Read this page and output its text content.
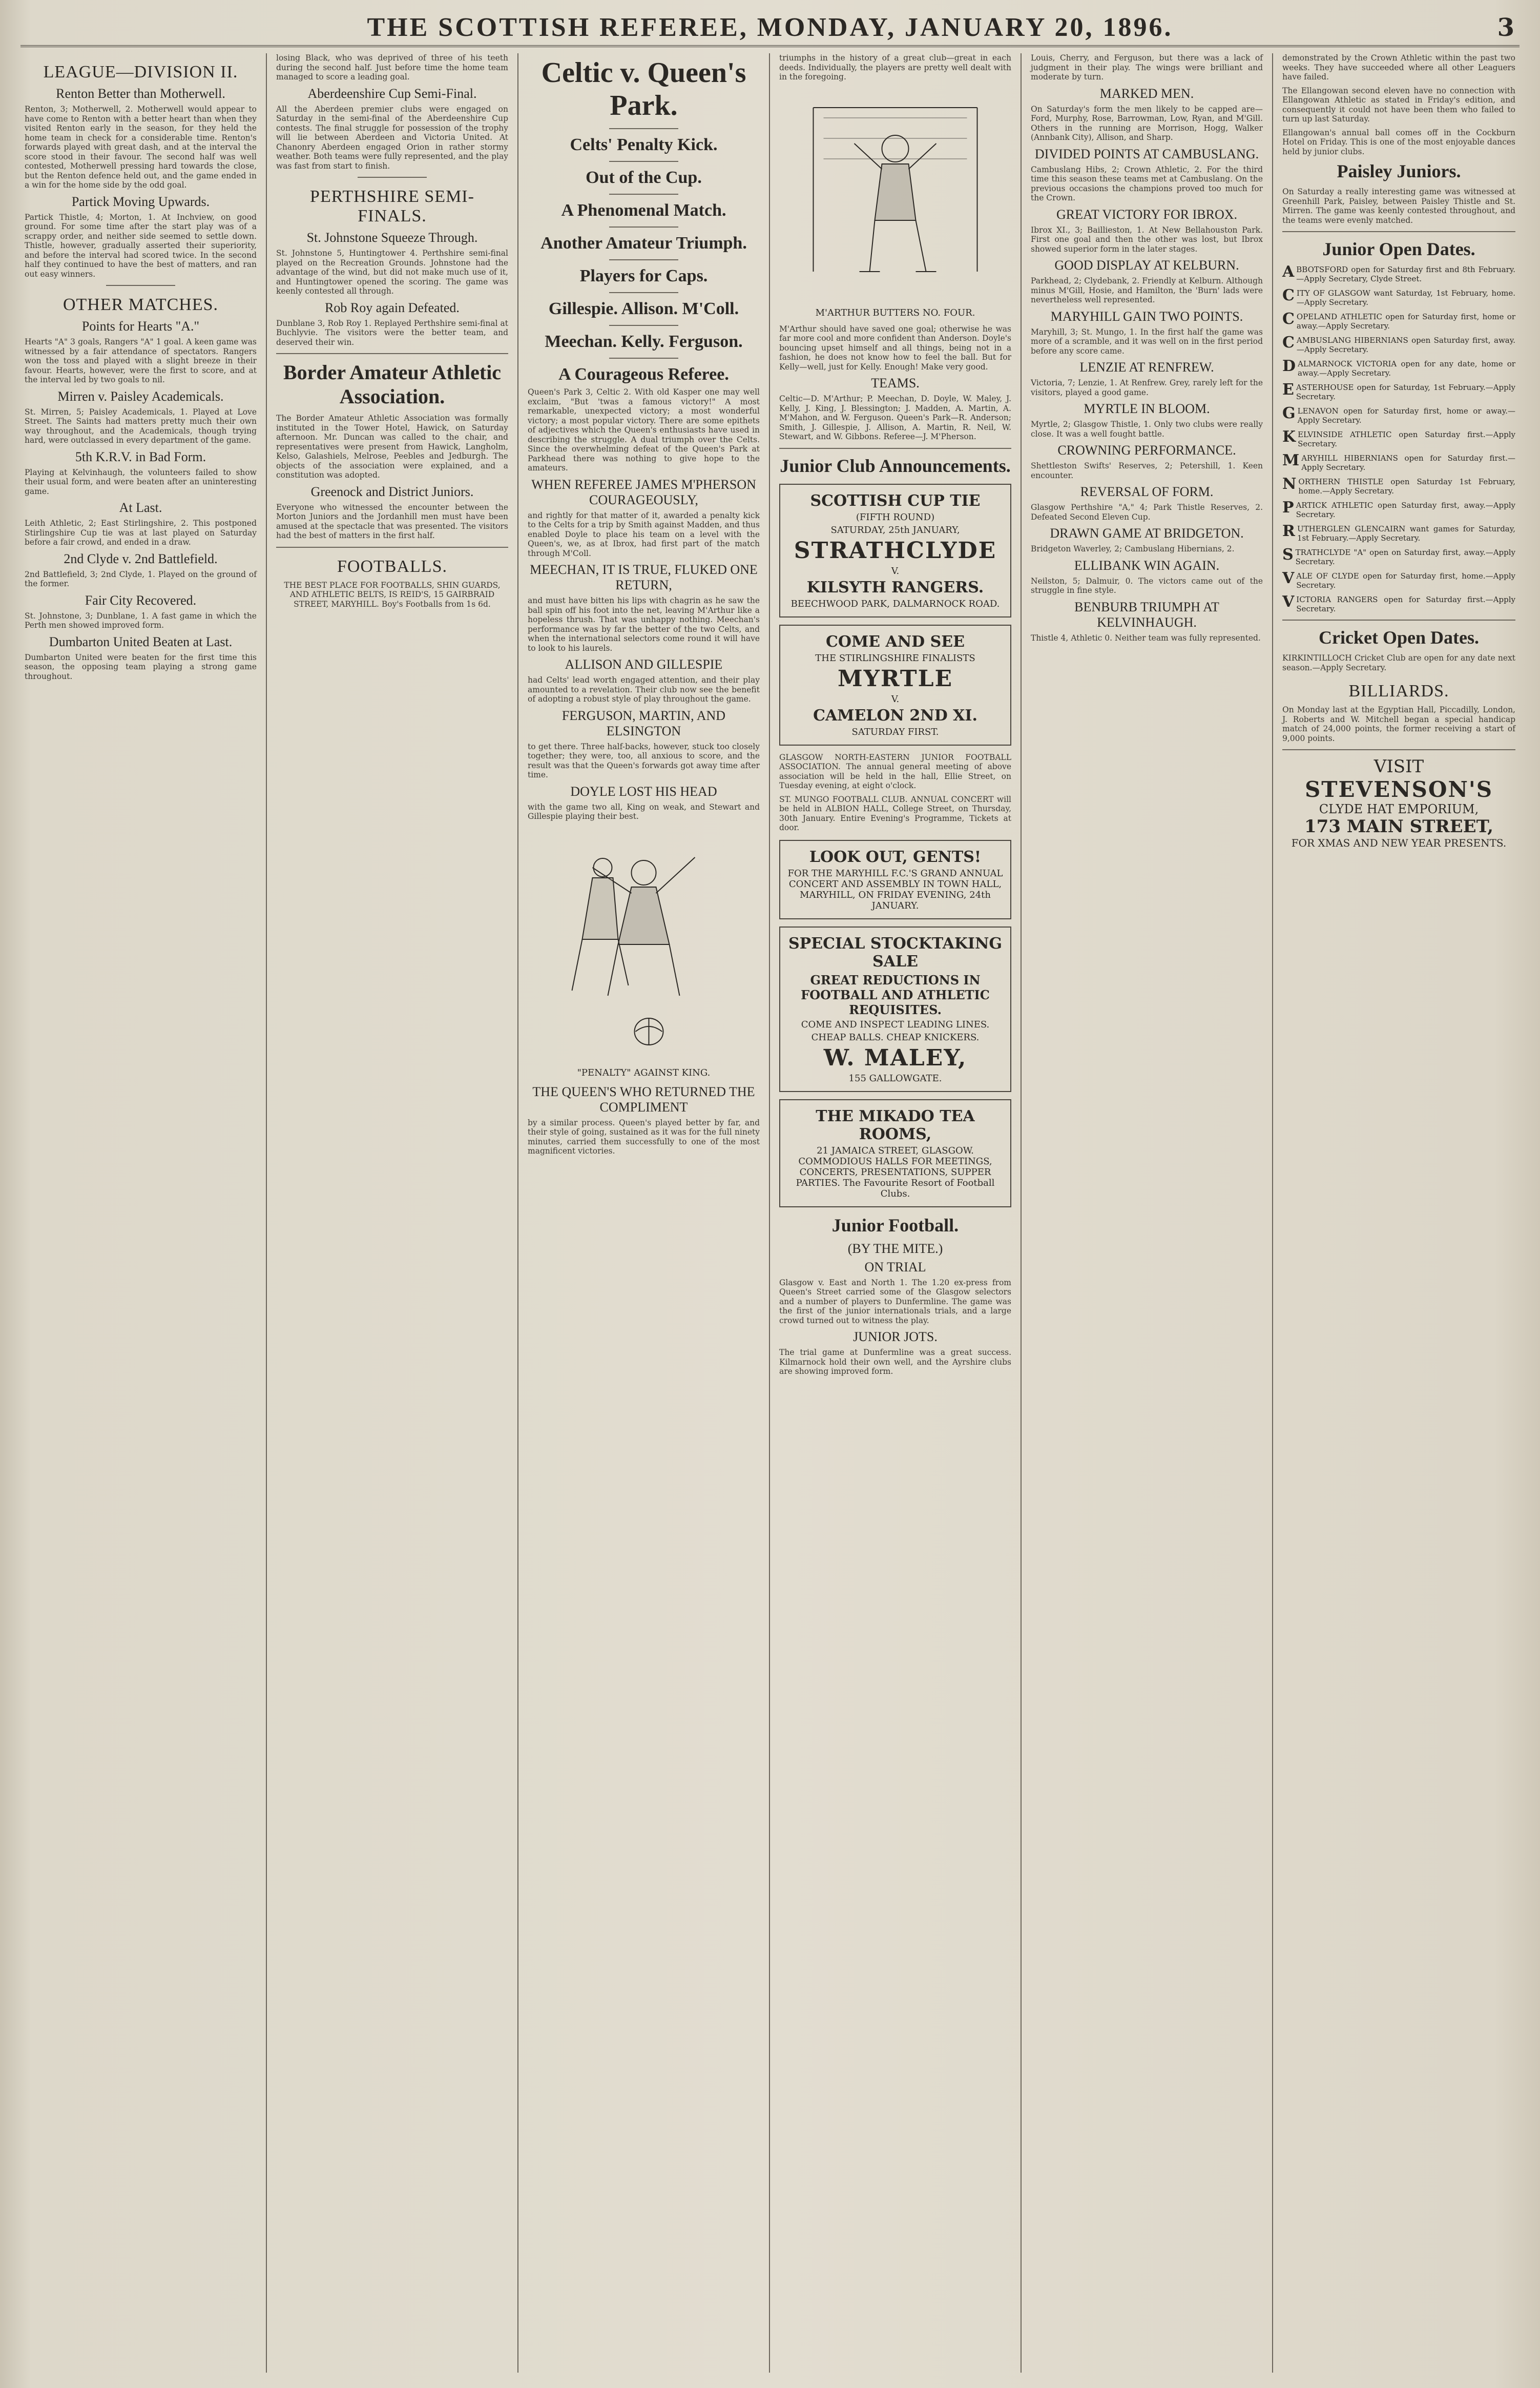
THE SCOTTISH REFEREE, MONDAY, JANUARY 20, 1896.	3
LEAGUE—DIVISION II.
Renton Better than Motherwell.

Renton, 3; Motherwell, 2. Motherwell would appear to have come to Renton with a better heart than when they visited Renton early in the season, for they held the home team in check for a considerable time. Renton's forwards played with great dash, and at the interval the score stood in their favour. The second half was well contested, Motherwell pressing hard towards the close, but the Renton defence held out, and the game ended in a win for the home side by the odd goal.

Partick Moving Upwards.

Partick Thistle, 4; Morton, 1. At Inchview, on good ground. For some time after the start play was of a scrappy order, and neither side seemed to settle down. Thistle, however, gradually asserted their superiority, and before the interval had scored twice. In the second half they continued to have the best of matters, and ran out easy winners.

OTHER MATCHES.
Points for Hearts "A."

Hearts "A" 3 goals, Rangers "A" 1 goal. A keen game was witnessed by a fair attendance of spectators. Rangers won the toss and played with a slight breeze in their favour. Hearts, however, were the first to score, and at the interval led by two goals to nil.

Mirren v. Paisley Academicals.

St. Mirren, 5; Paisley Academicals, 1. Played at Love Street. The Saints had matters pretty much their own way throughout, and the Academicals, though trying hard, were outclassed in every department of the game.

5th K.R.V. in Bad Form.

Playing at Kelvinhaugh, the volunteers failed to show their usual form, and were beaten after an uninteresting game.

At Last.

Leith Athletic, 2; East Stirlingshire, 2. This postponed Stirlingshire Cup tie was at last played on Saturday before a fair crowd, and ended in a draw.

2nd Clyde v. 2nd Battlefield.

2nd Battlefield, 3; 2nd Clyde, 1. Played on the ground of the former.

Fair City Recovered.

St. Johnstone, 3; Dunblane, 1. A fast game in which the Perth men showed improved form.

Dumbarton United Beaten at Last.

Dumbarton United were beaten for the first time this season, the opposing team playing a strong game throughout.

losing Black, who was deprived of three of his teeth during the second half. Just before time the home team managed to score a leading goal.

Aberdeenshire Cup Semi-Final.

All the Aberdeen premier clubs were engaged on Saturday in the semi-final of the Aberdeenshire Cup contests. The final struggle for possession of the trophy will lie between Aberdeen and Victoria United. At Chanonry Aberdeen engaged Orion in rather stormy weather. Both teams were fully represented, and the play was fast from start to finish.

PERTHSHIRE SEMI-FINALS.
St. Johnstone Squeeze Through.

St. Johnstone 5, Huntingtower 4. Perthshire semi-final played on the Recreation Grounds. Johnstone had the advantage of the wind, but did not make much use of it, and Huntingtower opened the scoring. The game was keenly contested all through.

Rob Roy again Defeated.

Dunblane 3, Rob Roy 1. Replayed Perthshire semi-final at Buchlyvie. The visitors were the better team, and deserved their win.

Border Amateur Athletic Association.

The Border Amateur Athletic Association was formally instituted in the Tower Hotel, Hawick, on Saturday afternoon. Mr. Duncan was called to the chair, and representatives were present from Hawick, Langholm, Kelso, Galashiels, Melrose, Peebles and Jedburgh. The objects of the association were explained, and a constitution was adopted.

Greenock and District Juniors.

Everyone who witnessed the encounter between the Morton Juniors and the Jordanhill men must have been amused at the spectacle that was presented. The visitors had the best of matters in the first half.

FOOTBALLS.

THE BEST PLACE FOR FOOTBALLS, SHIN GUARDS, AND ATHLETIC BELTS, IS REID'S, 15 GAIRBRAID STREET, MARYHILL. Boy's Footballs from 1s 6d.

Celtic v. Queen's Park.
Celts' Penalty Kick.
Out of the Cup.
A Phenomenal Match.
Another Amateur Triumph.
Players for Caps.
Gillespie. Allison. M'Coll.
Meechan. Kelly. Ferguson.
A Courageous Referee.

Queen's Park 3, Celtic 2. With old Kasper one may well exclaim, "But 'twas a famous victory!" A most remarkable, unexpected victory; a most wonderful victory; a most popular victory. There are some epithets of adjectives which the Queen's enthusiasts have used in describing the struggle. A dual triumph over the Celts. Since the overwhelming defeat of the Queen's Park at Parkhead there was nothing to give hope to the amateurs.

WHEN REFEREE JAMES M'PHERSON COURAGEOUSLY,

and rightly for that matter of it, awarded a penalty kick to the Celts for a trip by Smith against Madden, and thus enabled Doyle to place his team on a level with the Queen's, we, as at Ibrox, had first part of the match through M'Coll.

MEECHAN, IT IS TRUE, FLUKED ONE RETURN,

and must have bitten his lips with chagrin as he saw the ball spin off his foot into the net, leaving M'Arthur like a hopeless thrush. That was unhappy nothing. Meechan's performance was by far the better of the two Celts, and when the international selectors come round it will have to look to his laurels.

ALLISON AND GILLESPIE

had Celts' lead worth engaged attention, and their play amounted to a revelation. Their club now see the benefit of adopting a robust style of play throughout the game.

FERGUSON, MARTIN, AND ELSINGTON

to get there. Three half-backs, however, stuck too closely together; they were, too, all anxious to score, and the result was that the Queen's forwards got away time after time.

DOYLE LOST HIS HEAD

with the game two all, King on weak, and Stewart and Gillespie playing their best.

"PENALTY" AGAINST KING.
THE QUEEN'S WHO RETURNED THE COMPLIMENT

by a similar process. Queen's played better by far, and their style of going, sustained as it was for the full ninety minutes, carried them successfully to one of the most magnificent victories.

triumphs in the history of a great club—great in each deeds. Individually, the players are pretty well dealt with in the foregoing.

M'ARTHUR BUTTERS NO. FOUR.

M'Arthur should have saved one goal; otherwise he was far more cool and more confident than Anderson. Doyle's bouncing upset himself and all things, being not in a fashion, he does not know how to feel the ball. But for Kelly—well, just for Kelly. Enough! Make very good.

TEAMS.

Celtic—D. M'Arthur; P. Meechan, D. Doyle, W. Maley, J. Kelly, J. King, J. Blessington; J. Madden, A. Martin, A. M'Mahon, and W. Ferguson. Queen's Park—R. Anderson; Smith, J. Gillespie, J. Allison, A. Martin, R. Neil, W. Stewart, and W. Gibbons. Referee—J. M'Pherson.

Junior Club Announcements.
SCOTTISH CUP TIE
(FIFTH ROUND)
SATURDAY, 25th JANUARY,
STRATHCLYDE
V.
KILSYTH RANGERS.
BEECHWOOD PARK, DALMARNOCK ROAD.
COME AND SEE
THE STIRLINGSHIRE FINALISTS
MYRTLE
V.
CAMELON 2ND XI.
SATURDAY FIRST.

GLASGOW NORTH-EASTERN JUNIOR FOOTBALL ASSOCIATION. The annual general meeting of above association will be held in the hall, Ellie Street, on Tuesday evening, at eight o'clock.

ST. MUNGO FOOTBALL CLUB. ANNUAL CONCERT will be held in ALBION HALL, College Street, on Thursday, 30th January. Entire Evening's Programme, Tickets at door.

LOOK OUT, GENTS!
FOR THE MARYHILL F.C.'S GRAND ANNUAL CONCERT AND ASSEMBLY IN TOWN HALL, MARYHILL, ON FRIDAY EVENING, 24th JANUARY.
SPECIAL STOCKTAKING SALE
GREAT REDUCTIONS IN FOOTBALL AND ATHLETIC REQUISITES.
COME AND INSPECT LEADING LINES.
CHEAP BALLS. CHEAP KNICKERS.
W. MALEY,
155 GALLOWGATE.
THE MIKADO TEA ROOMS,
21 JAMAICA STREET, GLASGOW. COMMODIOUS HALLS FOR MEETINGS, CONCERTS, PRESENTATIONS, SUPPER PARTIES. The Favourite Resort of Football Clubs.
Junior Football.
(BY THE MITE.)
ON TRIAL

Glasgow v. East and North 1. The 1.20 ex-press from Queen's Street carried some of the Glasgow selectors and a number of players to Dunfermline. The game was the first of the junior internationals trials, and a large crowd turned out to witness the play.

JUNIOR JOTS.

The trial game at Dunfermline was a great success. Kilmarnock hold their own well, and the Ayrshire clubs are showing improved form.

Louis, Cherry, and Ferguson, but there was a lack of judgment in their play. The wings were brilliant and moderate by turn.

MARKED MEN.

On Saturday's form the men likely to be capped are—Ford, Murphy, Rose, Barrowman, Low, Ryan, and M'Gill. Others in the running are Morrison, Hogg, Walker (Annbank City), Allison, and Sharp.

DIVIDED POINTS AT CAMBUSLANG.

Cambuslang Hibs, 2; Crown Athletic, 2. For the third time this season these teams met at Cambuslang. On the previous occasions the champions proved too much for the Crown.

GREAT VICTORY FOR IBROX.

Ibrox XI., 3; Baillieston, 1. At New Bellahouston Park. First one goal and then the other was lost, but Ibrox showed superior form in the later stages.

GOOD DISPLAY AT KELBURN.

Parkhead, 2; Clydebank, 2. Friendly at Kelburn. Although minus M'Gill, Hosie, and Hamilton, the 'Burn' lads were nevertheless well represented.

MARYHILL GAIN TWO POINTS.

Maryhill, 3; St. Mungo, 1. In the first half the game was more of a scramble, and it was well on in the first period before any score came.

LENZIE AT RENFREW.

Victoria, 7; Lenzie, 1. At Renfrew. Grey, rarely left for the visitors, played a good game.

MYRTLE IN BLOOM.

Myrtle, 2; Glasgow Thistle, 1. Only two clubs were really close. It was a well fought battle.

CROWNING PERFORMANCE.

Shettleston Swifts' Reserves, 2; Petershill, 1. Keen encounter.

REVERSAL OF FORM.

Glasgow Perthshire "A," 4; Park Thistle Reserves, 2. Defeated Second Eleven Cup.

DRAWN GAME AT BRIDGETON.

Bridgeton Waverley, 2; Cambuslang Hibernians, 2.

ELLIBANK WIN AGAIN.

Neilston, 5; Dalmuir, 0. The victors came out of the struggle in fine style.

BENBURB TRIUMPH AT KELVINHAUGH.

Thistle 4, Athletic 0. Neither team was fully represented.

demonstrated by the Crown Athletic within the past two weeks. They have succeeded where all other Leaguers have failed.

The Ellangowan second eleven have no connection with Ellangowan Athletic as stated in Friday's edition, and consequently it could not have been them who failed to turn up last Saturday.

Ellangowan's annual ball comes off in the Cockburn Hotel on Friday. This is one of the most enjoyable dances held by junior clubs.

Paisley Juniors.

On Saturday a really interesting game was witnessed at Greenhill Park, Paisley, between Paisley Thistle and St. Mirren. The game was keenly contested throughout, and the teams were evenly matched.

Junior Open Dates.

ABBOTSFORD open for Saturday first and 8th February.—Apply Secretary, Clyde Street.

CITY OF GLASGOW want Saturday, 1st February, home.—Apply Secretary.

COPELAND ATHLETIC open for Saturday first, home or away.—Apply Secretary.

CAMBUSLANG HIBERNIANS open Saturday first, away.—Apply Secretary.

DALMARNOCK VICTORIA open for any date, home or away.—Apply Secretary.

EASTERHOUSE open for Saturday, 1st February.—Apply Secretary.

GLENAVON open for Saturday first, home or away.—Apply Secretary.

KELVINSIDE ATHLETIC open Saturday first.—Apply Secretary.

MARYHILL HIBERNIANS open for Saturday first.—Apply Secretary.

NORTHERN THISTLE open Saturday 1st February, home.—Apply Secretary.

PARTICK ATHLETIC open Saturday first, away.—Apply Secretary.

RUTHERGLEN GLENCAIRN want games for Saturday, 1st February.—Apply Secretary.

STRATHCLYDE "A" open on Saturday first, away.—Apply Secretary.

VALE OF CLYDE open for Saturday first, home.—Apply Secretary.

VICTORIA RANGERS open for Saturday first.—Apply Secretary.

Cricket Open Dates.

KIRKINTILLOCH Cricket Club are open for any date next season.—Apply Secretary.

BILLIARDS.

On Monday last at the Egyptian Hall, Piccadilly, London, J. Roberts and W. Mitchell began a special handicap match of 24,000 points, the former receiving a start of 9,000 points.

VISIT
STEVENSON'S
CLYDE HAT EMPORIUM,
173 MAIN STREET,
FOR XMAS AND NEW YEAR PRESENTS.
